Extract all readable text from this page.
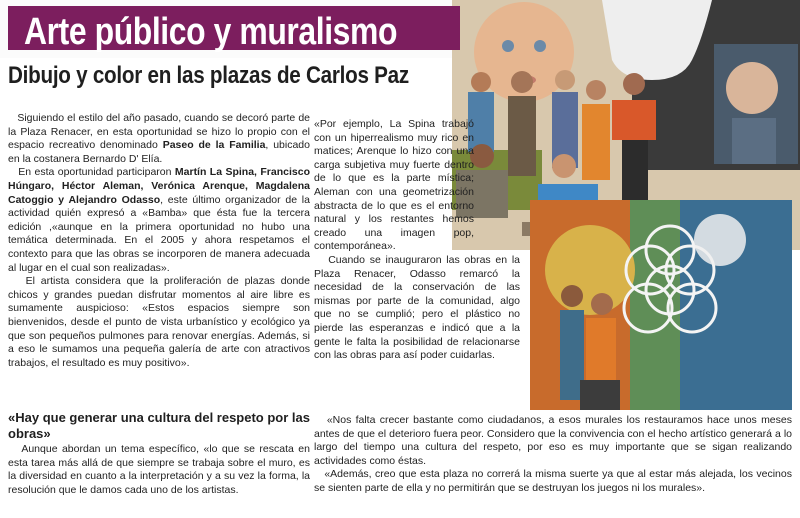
Arte público y muralismo
Dibujo y color en las plazas de Carlos Paz

Siguiendo el estilo del año pasado, cuando se decoró parte de la Plaza Renacer, en esta oportunidad se hizo lo propio con el espacio recreativo denominado Paseo de la Familia, ubicado en la costanera Bernardo D' Elía.

En esta oportunidad participaron Martín La Spina, Francisco Húngaro, Héctor Aleman, Verónica Arenque, Magdalena Catoggio y Alejandro Odasso, este último organizador de la actividad quién expresó a «Bamba» que ésta fue la tercera edición ,«aunque en la primera oportunidad no hubo una temática determinada. En el 2005 y ahora respetamos el contexto para que las obras se incorporen de manera adecuada al lugar en el cual son realizadas».

El artista considera que la proliferación de plazas donde chicos y grandes puedan disfrutar momentos al aire libre es sumamente auspicioso: «Estos espacios siempre son bienvenidos, desde el punto de vista urbanístico y ecológico ya que son pequeños pulmones para renovar energías. Además, si a eso le sumamos una pequeña galería de arte con atractivos trabajos, el resultado es muy positivo».

«Hay que generar una cultura del respeto por las obras»

Aunque abordan un tema específico, «lo que se rescata en esta tarea más allá de que siempre se trabaja sobre el muro, es la diversidad en cuanto a la interpretación y a su vez la forma, la resolución que le damos cada uno de los artistas.

«Por ejemplo, La Spina trabajó con un hiperrealismo muy rico en matices; Arenque lo hizo con una carga subjetiva muy fuerte dentro de lo que es la parte mística; Aleman con una geometrización abstracta de lo que es el entorno natural y los restantes hemos creado una imagen pop, contemporánea».

Cuando se inauguraron las obras en la Plaza Renacer, Odasso remarcó la necesidad de la conservación de las mismas por parte de la comunidad, algo que no se cumplió; pero el plástico no pierde las esperanzas e indicó que a la gente le falta la posibilidad de relacionarse con las obras para así poder cuidarlas.

«Nos falta crecer bastante como ciudadanos, a esos murales los restauramos hace unos meses antes de que el deterioro fuera peor. Considero que la convivencia con el hecho artístico generará a lo largo del tiempo una cultura del respeto, por eso es muy importante que se sigan realizando actividades como éstas.

«Además, creo que esta plaza no correrá la misma suerte ya que al estar más alejada, los vecinos se sienten parte de ella y no permitirán que se destruyan los juegos ni los murales».
